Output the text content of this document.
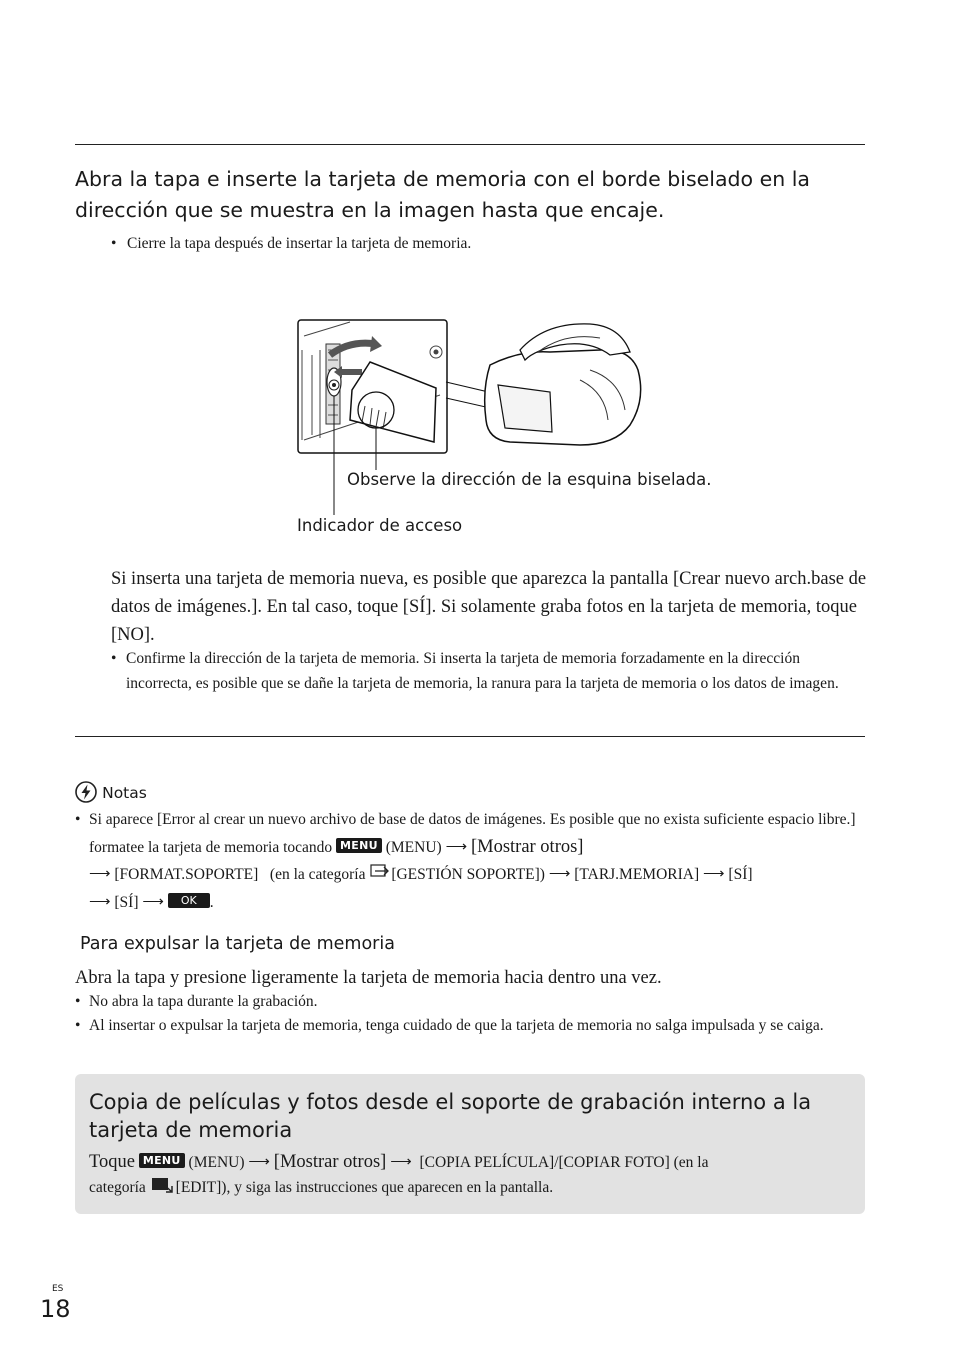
Abra la tapa e inserte la tarjeta de memoria con el borde biselado en la dirección que se muestra en la imagen hasta que encaje.
• Cierre la tapa después de insertar la tarjeta de memoria.
Observe la dirección de la esquina biselada.
Indicador de acceso
Si inserta una tarjeta de memoria nueva, es posible que aparezca la pantalla [Crear nuevo arch.base de datos de imágenes.]. En tal caso, toque [SÍ]. Si solamente graba fotos en la tarjeta de memoria, toque [NO].
• Confirme la dirección de la tarjeta de memoria. Si inserta la tarjeta de memoria forzadamente en la dirección incorrecta, es posible que se dañe la tarjeta de memoria, la ranura para la tarjeta de memoria o los datos de imagen.
Notas
• Si aparece [Error al crear un nuevo archivo de base de datos de imágenes. Es posible que no exista suficiente espacio libre.] formatee la tarjeta de memoria tocando MENU (MENU) ⟶ [Mostrar otros]
⟶ [FORMAT.SOPORTE] (en la categoría [GESTIÓN SOPORTE]) ⟶ [TARJ.MEMORIA] ⟶ [SÍ]
⟶ [SÍ] ⟶ OK .
Para expulsar la tarjeta de memoria
Abra la tapa y presione ligeramente la tarjeta de memoria hacia dentro una vez.
• No abra la tapa durante la grabación.
• Al insertar o expulsar la tarjeta de memoria, tenga cuidado de que la tarjeta de memoria no salga impulsada y se caiga.
Copia de películas y fotos desde el soporte de grabación interno a la tarjeta de memoria
Toque MENU (MENU) ⟶ [Mostrar otros] ⟶ [COPIA PELÍCULA]/[COPIAR FOTO] (en la
categoría [EDIT]), y siga las instrucciones que aparecen en la pantalla.
ES
18
